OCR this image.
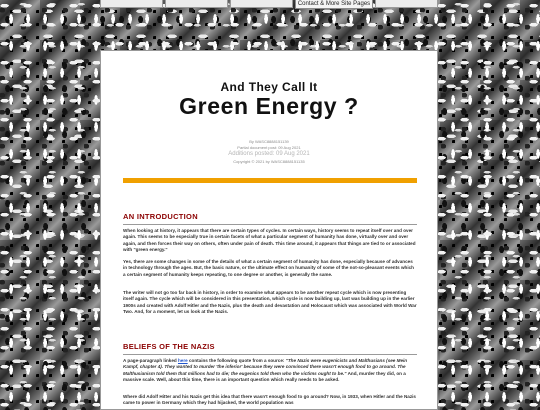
Contact & More Site Pages
And They Call It
Green Energy ?
By WASC8888151139
Partial document post: 09 Aug 2021
Additions posted: 09 Aug 2021
Copyright © 2021 by WASC8888151135
AN INTRODUCTION

When looking at history, it appears that there are certain types of cycles. In certain ways, history seems to repeat itself over and over again. This seems to be especially true in certain facets of what a particular segment of humanity has done, virtually over and over again, and then forces their way on others, often under pain of death. This time around, it appears that things are tied to or associated with "green energy."

Yes, there are some changes in some of the details of what a certain segment of humanity has done, especially because of advances in technology through the ages. But, the basic nature, or the ultimate effect on humanity of some of the not-so-pleasant events which a certain segment of humanity keeps repeating, to one degree or another, is generally the same.

The writer will not go too far back in history, in order to examine what appears to be another repeat cycle which is now presenting itself again. The cycle which will be considered in this presentation, which cycle is now building up, last was building up in the earlier 1900s and created with Adolf Hitler and the Nazis, plus the death and devastation and Holocaust which was associated with World War Two. And, for a moment, let us look at the Nazis.

BELIEFS OF THE NAZIS

A page-paragraph linked here contains the following quote from a source: "The Nazis were eugenicists and Malthusians (see Mein Kampf, chapter 4). They wanted to murder 'the inferior' because they were convinced there wasn't enough food to go around. The Malthusianism told them that millions had to die; the eugenics told them who the victims ought to be." And, murder they did, on a massive scale. Well, about this time, there is an important question which really needs to be asked.

Where did Adolf Hitter and his Nazis get this idea that there wasn't enough food to go around? Now, in 1933, when Hitler and the Nazis came to power in Germany which they had hijacked, the world population was
